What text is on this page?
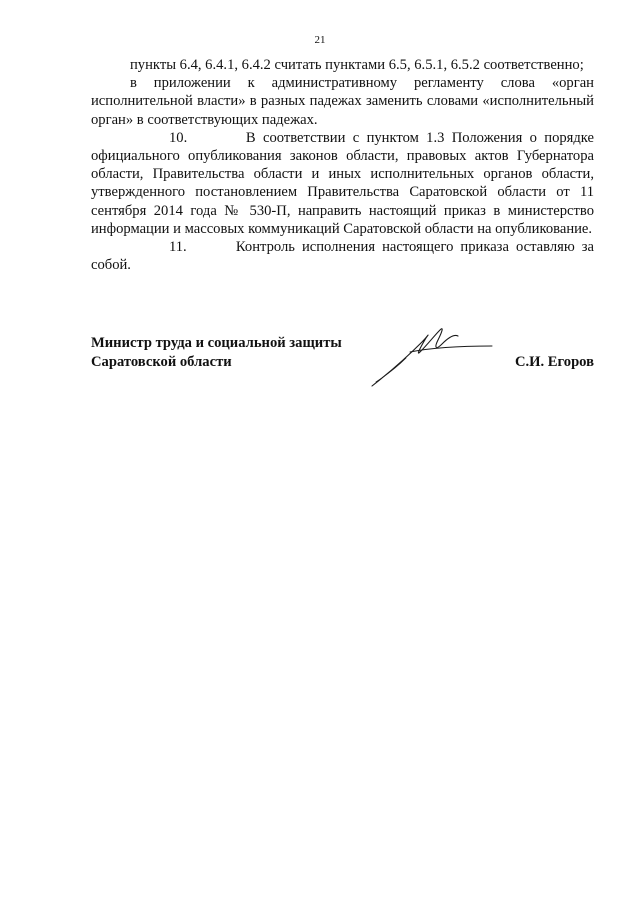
21

пункты 6.4, 6.4.1, 6.4.2 считать пунктами 6.5, 6.5.1, 6.5.2 соответственно;

в приложении к административному регламенту слова «орган исполнительной власти» в разных падежах заменить словами «исполнительный орган» в соответствующих падежах.

10.	В соответствии с пунктом 1.3 Положения о порядке официального опубликования законов области, правовых актов Губернатора области, Правительства области и иных исполнительных органов области, утвержденного постановлением Правительства Саратовской области от 11 сентября 2014 года № 530-П, направить настоящий приказ в министерство информации и массовых коммуникаций Саратовской области на опубликование.

11.	Контроль исполнения настоящего приказа оставляю за собой.

Министр труда и социальной защиты
Саратовской области	С.И. Егоров
